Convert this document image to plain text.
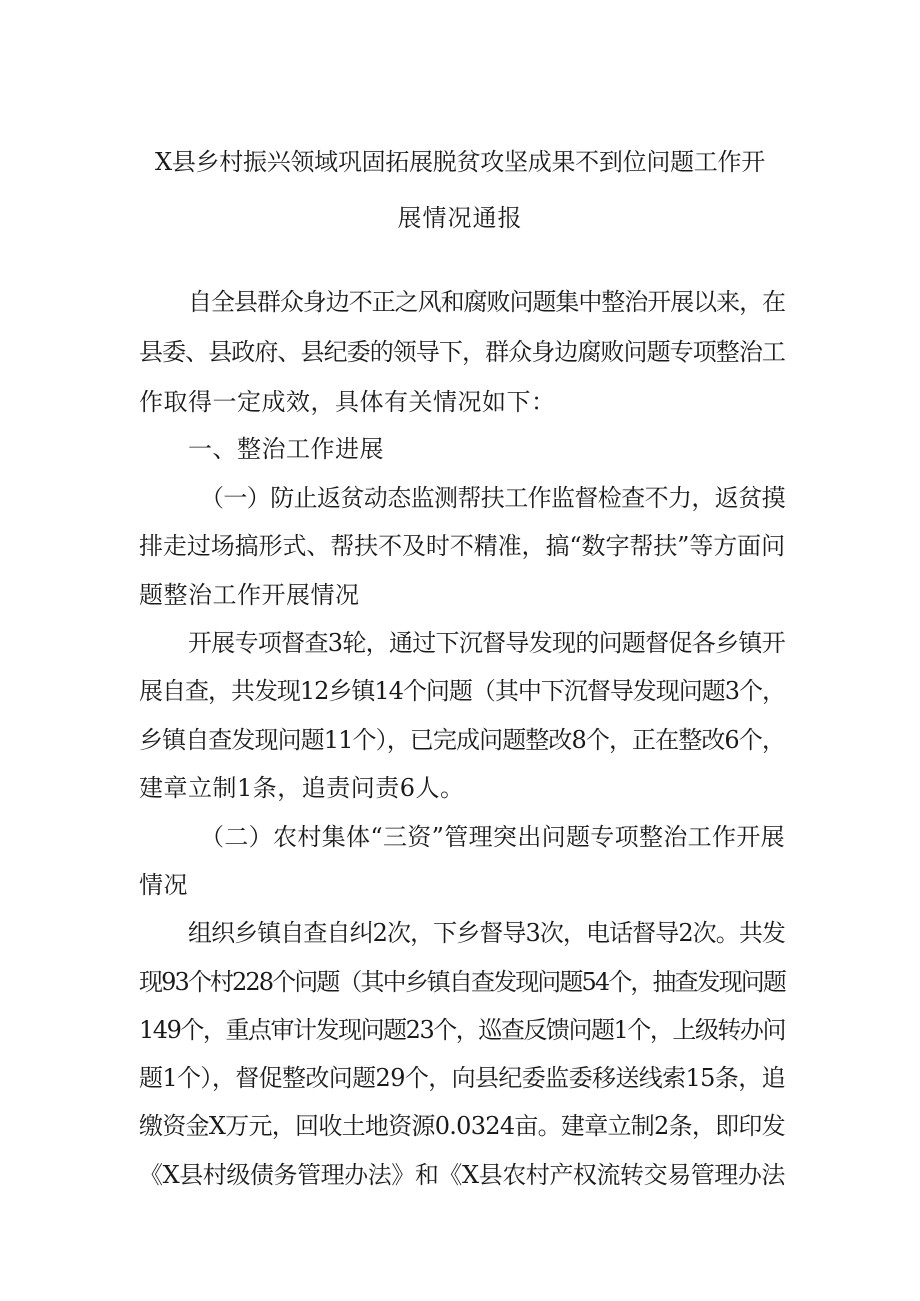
X县乡村振兴领域巩固拓展脱贫攻坚成果不到位问题工作开
展情况通报
自全县群众身边不正之风和腐败问题集中整治开展以来，在
县委、县政府、县纪委的领导下，群众身边腐败问题专项整治工
作取得一定成效，具体有关情况如下：
一、整治工作进展
（一）防止返贫动态监测帮扶工作监督检查不力，返贫摸
排走过场搞形式、帮扶不及时不精准，搞“数字帮扶”等方面问
题整治工作开展情况
开展专项督查3轮，通过下沉督导发现的问题督促各乡镇开
展自查，共发现12乡镇14个问题（其中下沉督导发现问题3个，
乡镇自查发现问题11个），已完成问题整改8个，正在整改6个，
建章立制1条，追责问责6人。
（二）农村集体“三资”管理突出问题专项整治工作开展
情况
组织乡镇自查自纠2次，下乡督导3次，电话督导2次。共发
现93个村228个问题（其中乡镇自查发现问题54个，抽查发现问题
149个，重点审计发现问题23个，巡查反馈问题1个，上级转办问
题1个），督促整改问题29个，向县纪委监委移送线索15条，追
缴资金X万元，回收土地资源0.0324亩。建章立制2条，即印发
《X县村级债务管理办法》和《X县农村产权流转交易管理办法
